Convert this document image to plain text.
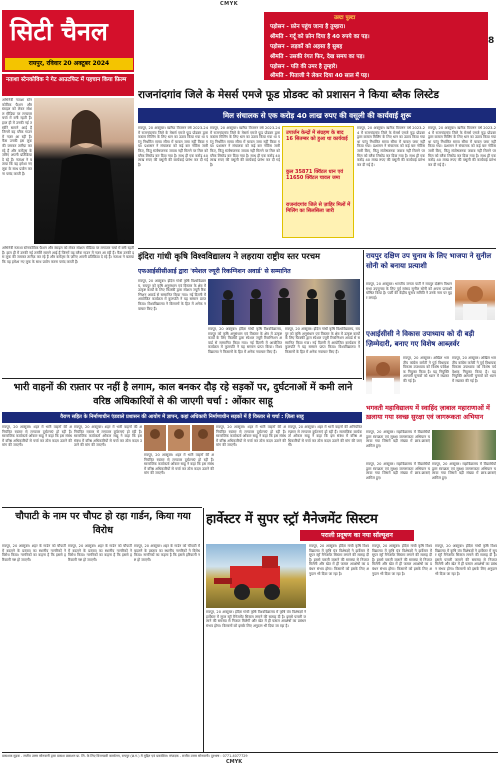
CMYK
8
सिटी चैनल
रायपुर, रविवार 20 अक्टूबर 2024
उल्टा पुल्टा
पड़ोसन - फ़ोन पहुंच जाना है तुम्हारा।
श्रीमति - गर्दू को फ़ोन दिया है 40 रुपये का पड़।
पड़ोसन - लड़कों को अहसा है सुबह
श्रीमति - उसकी रंगत फिर, देख समय का पड़।
पड़ोसन - पति की उमर है तुम्हारे।
श्रीमति - पिताजी ने लेकर दिया 40 साल में पड़।
नताशा स्टेनकोविक ने गेट आउटफिट में पहचान किया फ़िल्म
अभिनेत्री नताशा स्टेनकोविक फैशन और स्टाइल को लेकर सोशल मीडिया पर लगातार चर्चा में बनी रहती हैं। हाल ही में उनकी नई तस्वीरें सामने आई हैं जिनमें वह ब्लैक गाउन में नज़र आ रही हैं। फैंस उनकी इस लुक की जमकर तारीफ़ कर रहे हैं और कमेंट्स के ज़रिए अपनी प्रतिक्रिया दे रहे हैं। नताशा ने बताया कि वह हमेशा नए लुक के साथ प्रयोग करना पसंद करती हैं।
अभिनेत्री नताशा स्टेनकोविक फैशन और स्टाइल को लेकर सोशल मीडिया पर लगातार चर्चा में बनी रहती हैं। हाल ही में उनकी नई तस्वीरें सामने आई हैं जिनमें वह ब्लैक गाउन में नज़र आ रही हैं। फैंस उनकी इस लुक की जमकर तारीफ़ कर रहे हैं और कमेंट्स के ज़रिए अपनी प्रतिक्रिया दे रहे हैं। नताशा ने बताया कि वह हमेशा नए लुक के साथ प्रयोग करना पसंद करती हैं।
राजनांदगांव जिले के मेसर्स एमजे फूड प्रोडक्ट को प्रशासन ने किया ब्लैक लिस्टेड
मिल संचालक से एक करोड़ 40 लाख रुपए की वसूली की कार्यवाई शुरू
रायपुर, 20 अक्टूबर। खरीफ विपणन वर्ष 2023-24 में राजनांदगांव जिले के मेसर्स एमजे फूड प्रोडक्ट द्वारा कस्टम मिलिंग के लिए धान का उठाव किया गया था परंतु निर्धारित समय सीमा में चावल जमा नहीं किया गया। प्रशासन ने संचालक को कई बार नोटिस जारी किए, किंतु संतोषजनक जवाब नहीं मिलने पर मिल को ब्लैक लिस्टेड कर दिया गया है। साथ ही एक करोड़ 40 लाख रुपए की वसूली की कार्यवाई प्रारंभ कर दी गई है।
रायपुर, 20 अक्टूबर। खरीफ विपणन वर्ष 2023-24 में राजनांदगांव जिले के मेसर्स एमजे फूड प्रोडक्ट द्वारा कस्टम मिलिंग के लिए धान का उठाव किया गया था परंतु निर्धारित समय सीमा में चावल जमा नहीं किया गया। प्रशासन ने संचालक को कई बार नोटिस जारी किए, किंतु संतोषजनक जवाब नहीं मिलने पर मिल को ब्लैक लिस्टेड कर दिया गया है। साथ ही एक करोड़ 40 लाख रुपए की वसूली की कार्यवाई प्रारंभ कर दी गई है।
उपार्जन केन्द्रों में संग्रहण के बाद 16 सितम्बर को हुआ था कार्यवाई
कुल 35871 क्विंटल धान एवं 11650 क्विंटल चावल जमा
राजनांदगांव जिले से ज़ाहिर मिलों में मिलिंग का सिलसिला जारी
रायपुर, 20 अक्टूबर। खरीफ विपणन वर्ष 2023-24 में राजनांदगांव जिले के मेसर्स एमजे फूड प्रोडक्ट द्वारा कस्टम मिलिंग के लिए धान का उठाव किया गया था परंतु निर्धारित समय सीमा में चावल जमा नहीं किया गया। प्रशासन ने संचालक को कई बार नोटिस जारी किए, किंतु संतोषजनक जवाब नहीं मिलने पर मिल को ब्लैक लिस्टेड कर दिया गया है। साथ ही एक करोड़ 40 लाख रुपए की वसूली की कार्यवाई प्रारंभ कर दी गई है।
रायपुर, 20 अक्टूबर। खरीफ विपणन वर्ष 2023-24 में राजनांदगांव जिले के मेसर्स एमजे फूड प्रोडक्ट द्वारा कस्टम मिलिंग के लिए धान का उठाव किया गया था परंतु निर्धारित समय सीमा में चावल जमा नहीं किया गया। प्रशासन ने संचालक को कई बार नोटिस जारी किए, किंतु संतोषजनक जवाब नहीं मिलने पर मिल को ब्लैक लिस्टेड कर दिया गया है। साथ ही एक करोड़ 40 लाख रुपए की वसूली की कार्यवाई प्रारंभ कर दी गई है।
इंदिरा गांधी कृषि विश्वविद्यालय ने लहराया राष्ट्रीय स्तर परचम
एफआईसीसीआई द्वारा 'स्पेशल ज्यूरी रिकग्निशन अवार्ड' से सम्मानित
रायपुर, 20 अक्टूबर। इंदिरा गांधी कृषि विश्वविद्यालय, रायपुर को कृषि अनुसंधान एवं विस्तार के क्षेत्र में उत्कृष्ट कार्यों के लिए फिक्की द्वारा स्पेशल ज्यूरी रिकग्निशन अवार्ड से सम्मानित किया गया। नई दिल्ली में आयोजित कार्यक्रम में कुलपति ने यह सम्मान प्राप्त किया। विश्वविद्यालय ने किसानों के हित में अनेक नवाचार किए हैं।
रायपुर, 20 अक्टूबर। इंदिरा गांधी कृषि विश्वविद्यालय, रायपुर को कृषि अनुसंधान एवं विस्तार के क्षेत्र में उत्कृष्ट कार्यों के लिए फिक्की द्वारा स्पेशल ज्यूरी रिकग्निशन अवार्ड से सम्मानित किया गया। नई दिल्ली में आयोजित कार्यक्रम में कुलपति ने यह सम्मान प्राप्त किया। विश्वविद्यालय ने किसानों के हित में अनेक नवाचार किए हैं।
रायपुर, 20 अक्टूबर। इंदिरा गांधी कृषि विश्वविद्यालय, रायपुर को कृषि अनुसंधान एवं विस्तार के क्षेत्र में उत्कृष्ट कार्यों के लिए फिक्की द्वारा स्पेशल ज्यूरी रिकग्निशन अवार्ड से सम्मानित किया गया। नई दिल्ली में आयोजित कार्यक्रम में कुलपति ने यह सम्मान प्राप्त किया। विश्वविद्यालय ने किसानों के हित में अनेक नवाचार किए हैं।
रायपुर दक्षिण उप चुनाव के लिए भाजपा ने सुनील सोनी को बनाया प्रत्याशी
रायपुर, 20 अक्टूबर। भारतीय जनता पार्टी ने रायपुर दक्षिण विधानसभा उपचुनाव के लिए पूर्व सांसद सुनील सोनी को अपना प्रत्याशी घोषित किया है। पार्टी की केंद्रीय चुनाव समिति ने उनके नाम पर मुहर लगाई।
एआईसीसी ने विकास उपाध्याय को दी बड़ी ज़िम्मेदारी, बनाए गए विशेष आब्ज़र्वर
रायपुर, 20 अक्टूबर। अखिल भारतीय कांग्रेस कमेटी ने पूर्व विधायक विकास उपाध्याय को विशेष पर्यवेक्षक नियुक्त किया है। यह नियुक्ति आगामी चुनावों को ध्यान में रखकर की गई है।
रायपुर, 20 अक्टूबर। अखिल भारतीय कांग्रेस कमेटी ने पूर्व विधायक विकास उपाध्याय को विशेष पर्यवेक्षक नियुक्त किया है। यह नियुक्ति आगामी चुनावों को ध्यान में रखकर की गई है।
भगवती महाविद्यालय में स्वाहिंद ज़ाबाल महाराणाओं में ख़लाया गया स्वच्छ सुरक्षा एवं जागरूकता अभियान
रायपुर, 20 अक्टूबर। महाविद्यालय में विद्यार्थियों द्वारा स्वच्छता एवं सुरक्षा जागरूकता अभियान चलाया गया जिसमें बड़ी संख्या में छात्र-छात्राएं शामिल हुए।
रायपुर, 20 अक्टूबर। महाविद्यालय में विद्यार्थियों द्वारा स्वच्छता एवं सुरक्षा जागरूकता अभियान चलाया गया जिसमें बड़ी संख्या में छात्र-छात्राएं शामिल हुए।
रायपुर, 20 अक्टूबर। महाविद्यालय में विद्यार्थियों द्वारा स्वच्छता एवं सुरक्षा जागरूकता अभियान चलाया गया जिसमें बड़ी संख्या में छात्र-छात्राएं शामिल हुए।
भारी वाहनों की रफ़्तार पर नहीं है लगाम, काल बनकर दौड़ रहे सड़कों पर, दुर्घटनाओं में कमी लाने वरिष्ठ अधिकारियों से की जाएगी चर्चा : ओंकार साहू
वैराण सहित के निर्माणाधीन एंडवाले प्रशासन की आयोग में ज्ञापन, कहां अधिकारी निर्माणाधीन सड़कों में हैं विस्तार से चर्चा : ज़िला साहू
रायपुर, 20 अक्टूबर। शहर में भारी वाहनों की अनियंत्रित रफ़्तार से लगातार दुर्घटनाएं हो रही हैं। सामाजिक कार्यकर्ता ओंकार साहू ने कहा कि इस संबंध में वरिष्ठ अधिकारियों से चर्चा कर ठोस कदम उठाने की मांग की जाएगी।
रायपुर, 20 अक्टूबर। शहर में भारी वाहनों की अनियंत्रित रफ़्तार से लगातार दुर्घटनाएं हो रही हैं। सामाजिक कार्यकर्ता ओंकार साहू ने कहा कि इस संबंध में वरिष्ठ अधिकारियों से चर्चा कर ठोस कदम उठाने की मांग की जाएगी।
रायपुर, 20 अक्टूबर। शहर में भारी वाहनों की अनियंत्रित रफ़्तार से लगातार दुर्घटनाएं हो रही हैं। सामाजिक कार्यकर्ता ओंकार साहू ने कहा कि इस संबंध में वरिष्ठ अधिकारियों से चर्चा कर ठोस कदम उठाने की मांग की जाएगी।
रायपुर, 20 अक्टूबर। शहर में भारी वाहनों की अनियंत्रित रफ़्तार से लगातार दुर्घटनाएं हो रही हैं। सामाजिक कार्यकर्ता ओंकार साहू ने कहा कि इस संबंध में वरिष्ठ अधिकारियों से चर्चा कर ठोस कदम उठाने की मांग की जाएगी।
रायपुर, 20 अक्टूबर। शहर में भारी वाहनों की अनियंत्रित रफ़्तार से लगातार दुर्घटनाएं हो रही हैं। सामाजिक कार्यकर्ता ओंकार साहू ने कहा कि इस संबंध में वरिष्ठ अधिकारियों से चर्चा कर ठोस कदम उठाने की मांग की जाएगी।
चौपाटी के नाम पर चौपट हो रहा गार्डन, किया गया विरोध
रायपुर, 20 अक्टूबर। शहर के गार्डन को चौपाटी में बदलने के प्रस्ताव का स्थानीय नागरिकों ने विरोध किया। नागरिकों का कहना है कि इससे हरियाली नष्ट हो जाएगी।
रायपुर, 20 अक्टूबर। शहर के गार्डन को चौपाटी में बदलने के प्रस्ताव का स्थानीय नागरिकों ने विरोध किया। नागरिकों का कहना है कि इससे हरियाली नष्ट हो जाएगी।
रायपुर, 20 अक्टूबर। शहर के गार्डन को चौपाटी में बदलने के प्रस्ताव का स्थानीय नागरिकों ने विरोध किया। नागरिकों का कहना है कि इससे हरियाली नष्ट हो जाएगी।
हार्वेस्टर में सुपर स्ट्रॉ मैनेजमेंट सिस्टम
पराली प्रदूषण का नया सॉल्यूशन
रायपुर, 20 अक्टूबर। इंदिरा गांधी कृषि विश्वविद्यालय में कृषि यंत्र विशेषज्ञों ने हार्वेस्टर में सुपर स्ट्रॉ मैनेजमेंट सिस्टम लगाने की सलाह दी है। इससे पराली जलाने की समस्या से निजात मिलेगी और खेत में ही फसल अवशेषों का प्रबंधन संभव होगा। किसानों को इसके लिए अनुदान भी दिया जा रहा है।
रायपुर, 20 अक्टूबर। इंदिरा गांधी कृषि विश्वविद्यालय में कृषि यंत्र विशेषज्ञों ने हार्वेस्टर में सुपर स्ट्रॉ मैनेजमेंट सिस्टम लगाने की सलाह दी है। इससे पराली जलाने की समस्या से निजात मिलेगी और खेत में ही फसल अवशेषों का प्रबंधन संभव होगा। किसानों को इसके लिए अनुदान भी दिया जा रहा है।
रायपुर, 20 अक्टूबर। इंदिरा गांधी कृषि विश्वविद्यालय में कृषि यंत्र विशेषज्ञों ने हार्वेस्टर में सुपर स्ट्रॉ मैनेजमेंट सिस्टम लगाने की सलाह दी है। इससे पराली जलाने की समस्या से निजात मिलेगी और खेत में ही फसल अवशेषों का प्रबंधन संभव होगा। किसानों को इसके लिए अनुदान भी दिया जा रहा है।
रायपुर, 20 अक्टूबर। इंदिरा गांधी कृषि विश्वविद्यालय में कृषि यंत्र विशेषज्ञों ने हार्वेस्टर में सुपर स्ट्रॉ मैनेजमेंट सिस्टम लगाने की सलाह दी है। इससे पराली जलाने की समस्या से निजात मिलेगी और खेत में ही फसल अवशेषों का प्रबंधन संभव होगा। किसानों को इसके लिए अनुदान भी दिया जा रहा है।
प्रकाशक मुद्रक - राजीव उत्तम सोनवानी द्वारा प्रकाश प्रकाशन प्रा. लि. के लिए विजयबरी कार्यालय, रायपुर (छ.ग.) में मुद्रित एवं प्रकाशित। संपादक - राजीव उत्तम सोनवानी। दूरभाष : 0771-4077729
CMYK
